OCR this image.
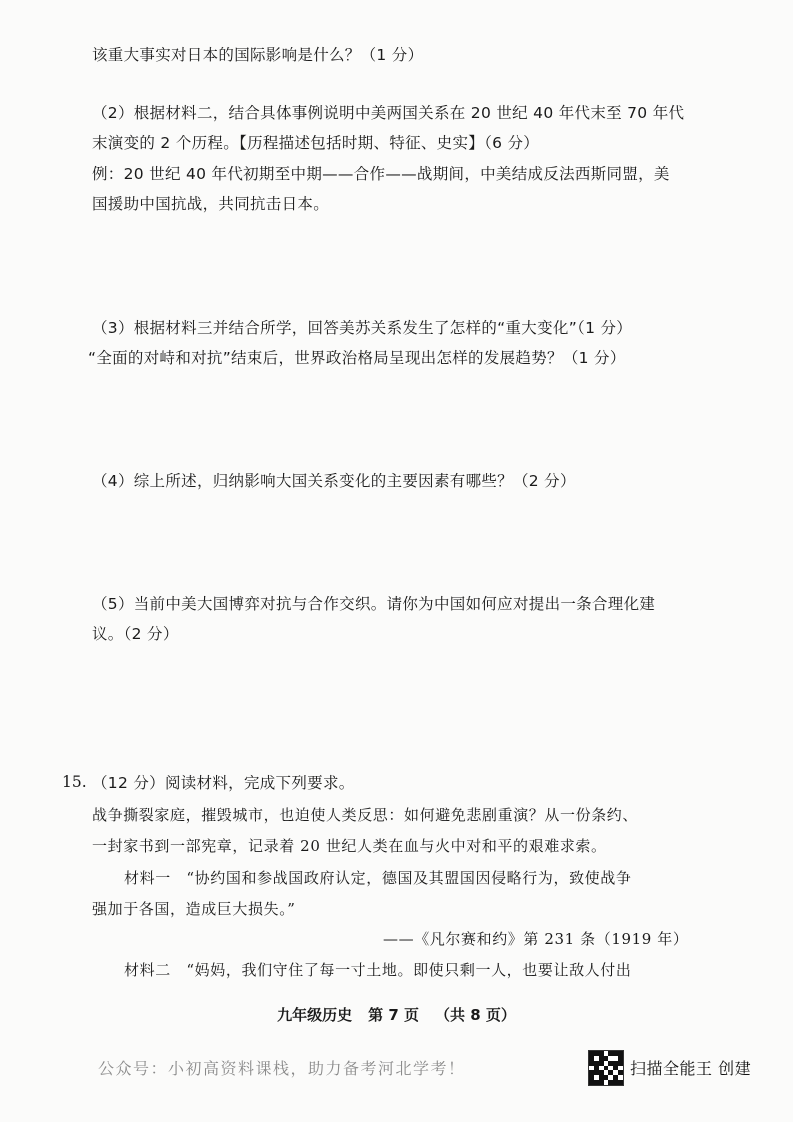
该重大事实对日本的国际影响是什么？（1 分）
（2）根据材料二，结合具体事例说明中美两国关系在 20 世纪 40 年代末至 70 年代
末演变的 2 个历程。【历程描述包括时期、特征、史实】（6 分）
例：20 世纪 40 年代初期至中期——合作——战期间，中美结成反法西斯同盟，美
国援助中国抗战，共同抗击日本。
（3）根据材料三并结合所学，回答美苏关系发生了怎样的“重大变化”（1 分）
“全面的对峙和对抗”结束后，世界政治格局呈现出怎样的发展趋势？（1 分）
（4）综上所述，归纳影响大国关系变化的主要因素有哪些？（2 分）
（5）当前中美大国博弈对抗与合作交织。请你为中国如何应对提出一条合理化建
议。（2 分）
15. （12 分）阅读材料，完成下列要求。
战争撕裂家庭，摧毁城市，也迫使人类反思：如何避免悲剧重演？从一份条约、
一封家书到一部宪章，记录着 20 世纪人类在血与火中对和平的艰难求索。
材料一　“协约国和参战国政府认定，德国及其盟国因侵略行为，致使战争
强加于各国，造成巨大损失。”
——《凡尔赛和约》第 231 条（1919 年）
材料二　“妈妈，我们守住了每一寸土地。即使只剩一人，也要让敌人付出
九年级历史 第 7 页 （共 8 页）
公众号：小初高资料课栈，助力备考河北学考！	扫描全能王 创建
